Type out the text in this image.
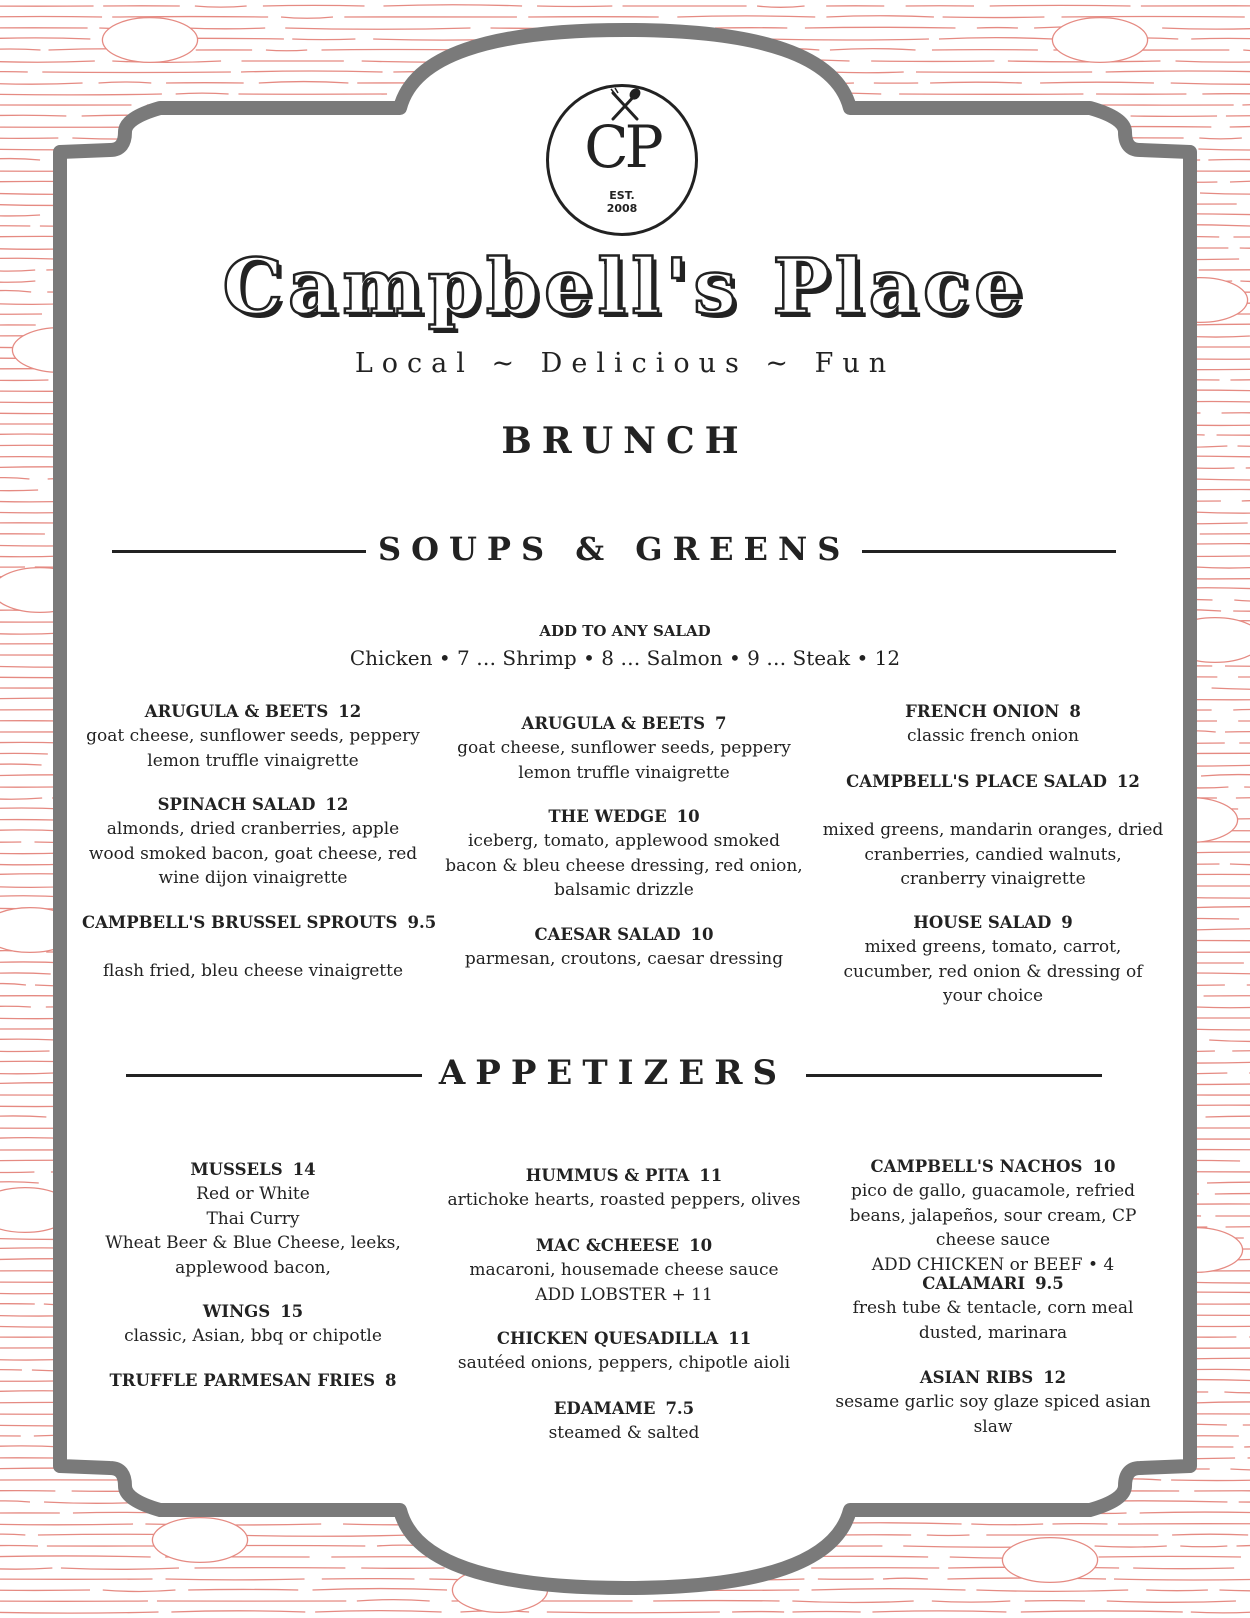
CP
EST.
2008
Campbell's Place
Local ~ Delicious ~ Fun
BRUNCH
SOUPS & GREENS
ADD TO ANY SALAD
Chicken • 7 … Shrimp • 8 … Salmon • 9 … Steak • 12
ARUGULA & BEETS 12
goat cheese, sunflower seeds, peppery lemon truffle vinaigrette
SPINACH SALAD 12
almonds, dried cranberries, apple wood smoked bacon, goat cheese, red wine dijon vinaigrette
CAMPBELL'S BRUSSEL SPROUTS 9.5
flash fried, bleu cheese vinaigrette
ARUGULA & BEETS 7
goat cheese, sunflower seeds, peppery lemon truffle vinaigrette
THE WEDGE 10
iceberg, tomato, applewood smoked bacon & bleu cheese dressing, red onion, balsamic drizzle
CAESAR SALAD 10
parmesan, croutons, caesar dressing
FRENCH ONION 8
classic french onion
CAMPBELL'S PLACE SALAD 12
mixed greens, mandarin oranges, dried cranberries, candied walnuts, cranberry vinaigrette
HOUSE SALAD 9
mixed greens, tomato, carrot, cucumber, red onion & dressing of your choice
APPETIZERS
MUSSELS 14
Red or White
Thai Curry
Wheat Beer & Blue Cheese, leeks, applewood bacon,
WINGS 15
classic, Asian, bbq or chipotle
TRUFFLE PARMESAN FRIES 8
HUMMUS & PITA 11
artichoke hearts, roasted peppers, olives
MAC &CHEESE 10
macaroni, housemade cheese sauce
ADD LOBSTER + 11
CHICKEN QUESADILLA 11
sautéed onions, peppers, chipotle aioli
EDAMAME 7.5
steamed & salted
CAMPBELL'S NACHOS 10
pico de gallo, guacamole, refried beans, jalapeños, sour cream, CP cheese sauce
ADD CHICKEN or BEEF • 4
CALAMARI 9.5
fresh tube & tentacle, corn meal dusted, marinara
ASIAN RIBS 12
sesame garlic soy glaze spiced asian slaw
